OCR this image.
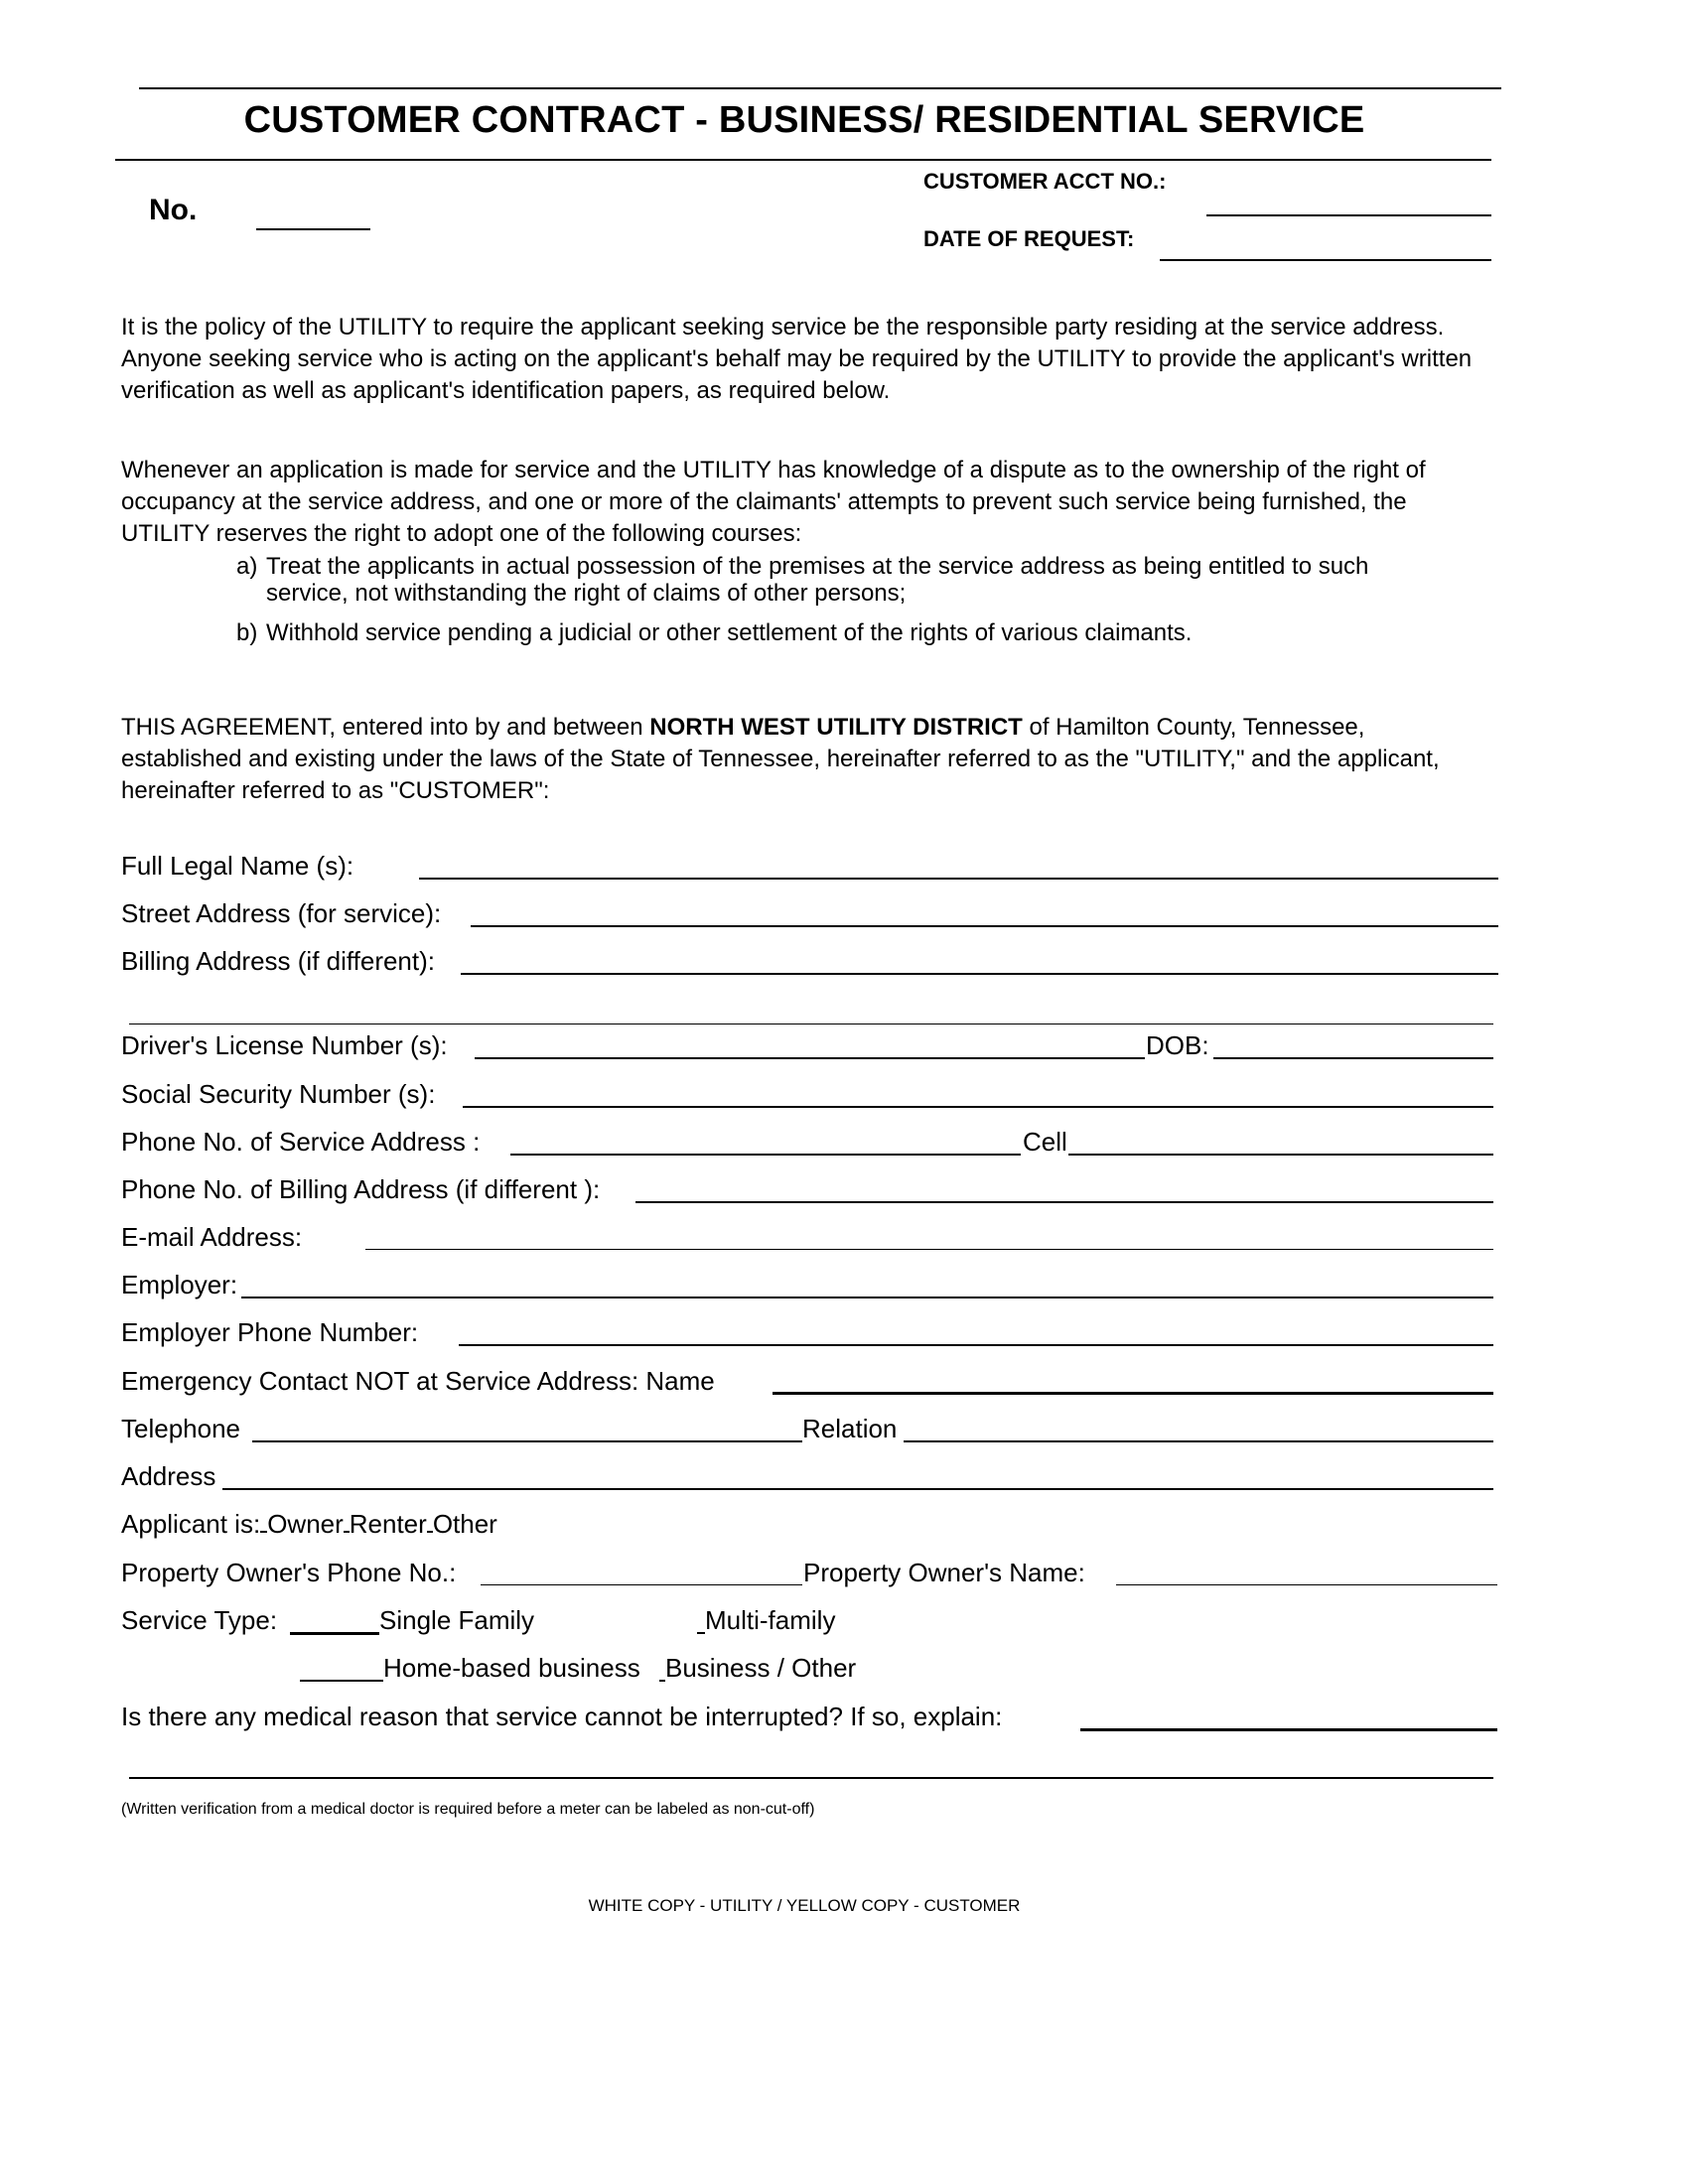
CUSTOMER CONTRACT - BUSINESS/ RESIDENTIAL SERVICE
No.
CUSTOMER ACCT NO.:
DATE OF REQUEST:

It is the policy of the UTILITY to require the applicant seeking service be the responsible party residing at the service address. Anyone seeking service who is acting on the applicant's behalf may be required by the UTILITY to provide the applicant's written verification as well as applicant's identification papers, as required below.

Whenever an application is made for service and the UTILITY has knowledge of a dispute as to the ownership of the right of occupancy at the service address, and one or more of the claimants' attempts to prevent such service being furnished, the UTILITY reserves the right to adopt one of the following courses:

a) Treat the applicants in actual possession of the premises at the service address as being entitled to such service, not withstanding the right of claims of other persons;
b) Withhold service pending a judicial or other settlement of the rights of various claimants.

THIS AGREEMENT, entered into by and between NORTH WEST UTILITY DISTRICT of Hamilton County, Tennessee, established and existing under the laws of the State of Tennessee, hereinafter referred to as the "UTILITY," and the applicant, hereinafter referred to as "CUSTOMER":

Full Legal Name (s):
Street Address (for service):
Billing Address (if different):
Driver's License Number (s):	DOB:
Social Security Number (s):
Phone No. of Service Address :	Cell
Phone No. of Billing Address (if different ):
E-mail Address:
Employer:
Employer Phone Number:
Emergency Contact NOT at Service Address: Name
Telephone	Relation
Address
Applicant is: Owner Renter Other
Property Owner's Phone No.:	Property Owner's Name:
Service Type:	Single Family	Multi-family
Home-based business Business / Other
Is there any medical reason that service cannot be interrupted? If so, explain:
(Written verification from a medical doctor is required before a meter can be labeled as non-cut-off)
WHITE COPY - UTILITY / YELLOW COPY - CUSTOMER
